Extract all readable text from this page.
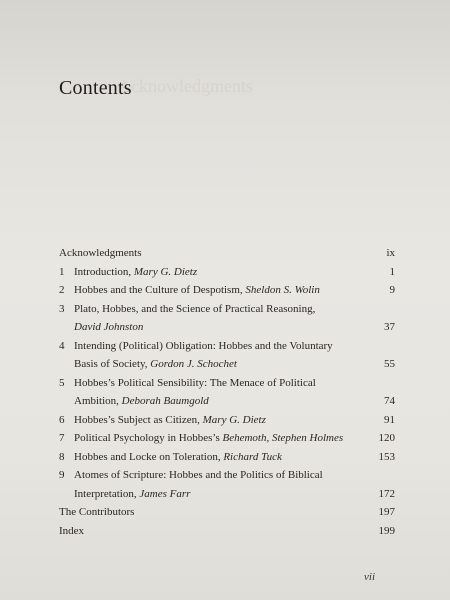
Acknowledgments
Contents
Acknowledgments	ix
1 Introduction, Mary G. Dietz	1
2 Hobbes and the Culture of Despotism, Sheldon S. Wolin	9
3 Plato, Hobbes, and the Science of Practical Reasoning,
David Johnston	37
4 Intending (Political) Obligation: Hobbes and the Voluntary
Basis of Society, Gordon J. Schochet	55
5 Hobbes’s Political Sensibility: The Menace of Political
Ambition, Deborah Baumgold	74
6 Hobbes’s Subject as Citizen, Mary G. Dietz	91
7 Political Psychology in Hobbes’s Behemoth, Stephen Holmes	120
8 Hobbes and Locke on Toleration, Richard Tuck	153
9 Atomes of Scripture: Hobbes and the Politics of Biblical
Interpretation, James Farr	172
The Contributors	197
Index	199
vii
